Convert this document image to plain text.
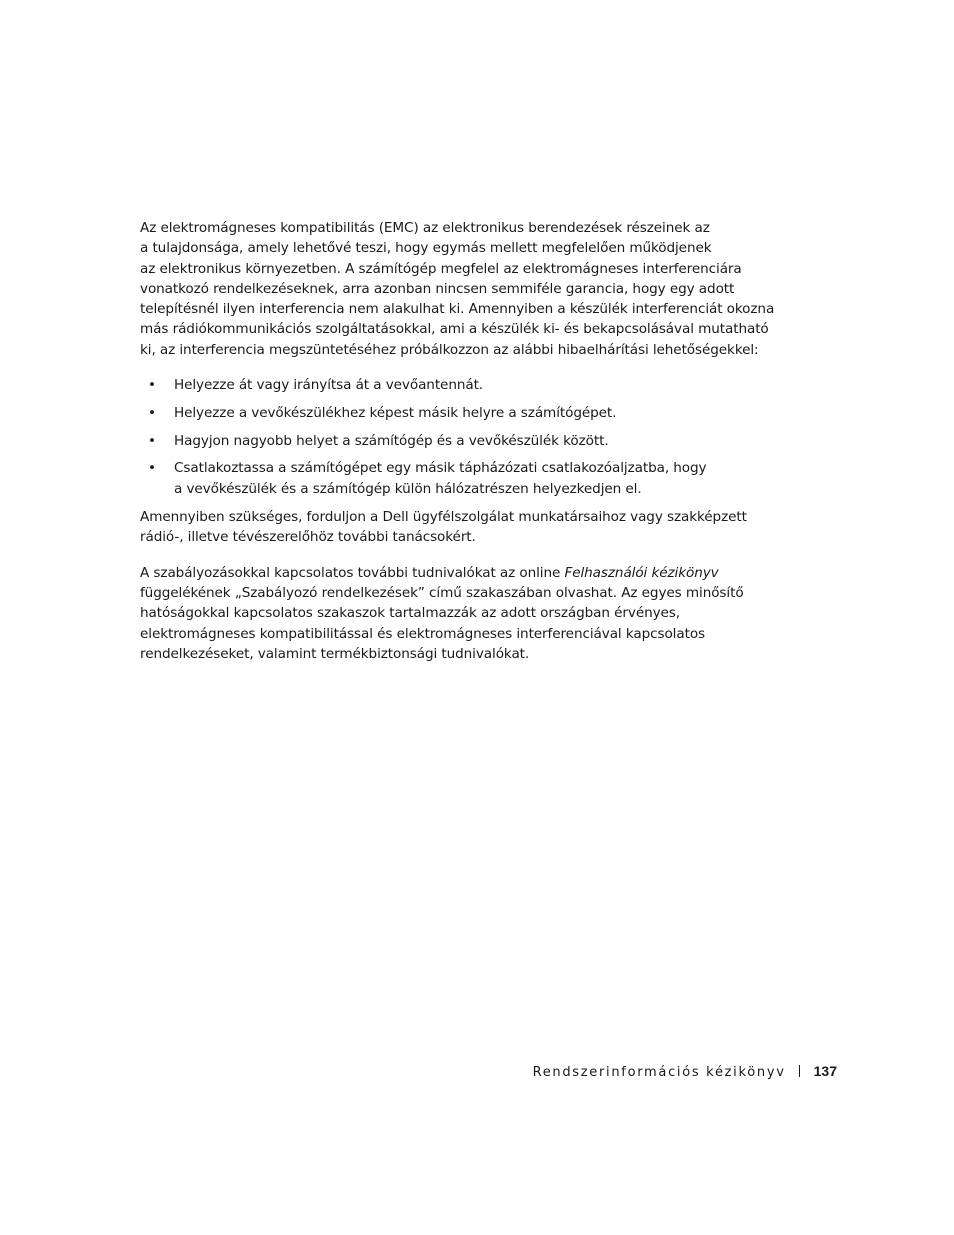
Az elektromágneses kompatibilitás (EMC) az elektronikus berendezések részeinek az
a tulajdonsága, amely lehetővé teszi, hogy egymás mellett megfelelően működjenek
az elektronikus környezetben. A számítógép megfelel az elektromágneses interferenciára
vonatkozó rendelkezéseknek, arra azonban nincsen semmiféle garancia, hogy egy adott
telepítésnél ilyen interferencia nem alakulhat ki. Amennyiben a készülék interferenciát okozna
más rádiókommunikációs szolgáltatásokkal, ami a készülék ki- és bekapcsolásával mutatható
ki, az interferencia megszüntetéséhez próbálkozzon az alábbi hibaelhárítási lehetőségekkel:

• Helyezze át vagy irányítsa át a vevőantennát.
• Helyezze a vevőkészülékhez képest másik helyre a számítógépet.
• Hagyjon nagyobb helyet a számítógép és a vevőkészülék között.
• Csatlakoztassa a számítógépet egy másik tápházózati csatlakozóaljzatba, hogy
a vevőkészülék és a számítógép külön hálózatrészen helyezkedjen el.

Amennyiben szükséges, forduljon a Dell ügyfélszolgálat munkatársaihoz vagy szakképzett
rádió-, illetve tévészerelőhöz további tanácsokért.

A szabályozásokkal kapcsolatos további tudnivalókat az online Felhasználói kézikönyv
függelékének „Szabályozó rendelkezések” című szakaszában olvashat. Az egyes minősítő
hatóságokkal kapcsolatos szakaszok tartalmazzák az adott országban érvényes,
elektromágneses kompatibilitással és elektromágneses interferenciával kapcsolatos
rendelkezéseket, valamint termékbiztonsági tudnivalókat.

Rendszerinformációs kézikönyv 137
